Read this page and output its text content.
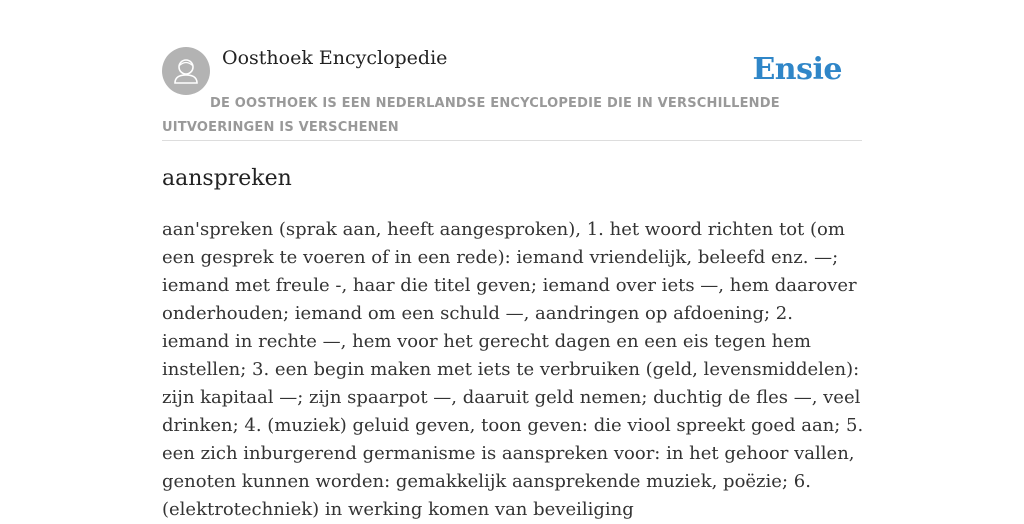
Oosthoek Encyclopedie	Ensie
DE OOSTHOEK IS EEN NEDERLANDSE ENCYCLOPEDIE DIE IN VERSCHILLENDE UITVOERINGEN IS VERSCHENEN
aanspreken

aan'spreken (sprak aan, heeft aangesproken), 1. het woord richten tot (om een gesprek te voeren of in een rede): iemand vriendelijk, beleefd enz. —; iemand met freule -, haar die titel geven; iemand over iets —, hem daarover onderhouden; iemand om een schuld —, aandringen op afdoening; 2. iemand in rechte —, hem voor het gerecht dagen en een eis tegen hem instellen; 3. een begin maken met iets te verbruiken (geld, levensmiddelen): zijn kapitaal —; zijn spaarpot —, daaruit geld nemen; duchtig de fles —, veel drinken; 4. (muziek) geluid geven, toon geven: die viool spreekt goed aan; 5. een zich inburgerend germanisme is aanspreken voor: in het gehoor vallen, genoten kunnen worden: gemakkelijk aansprekende muziek, poëzie; 6. (elektrotechniek) in werking komen van beveiliging
